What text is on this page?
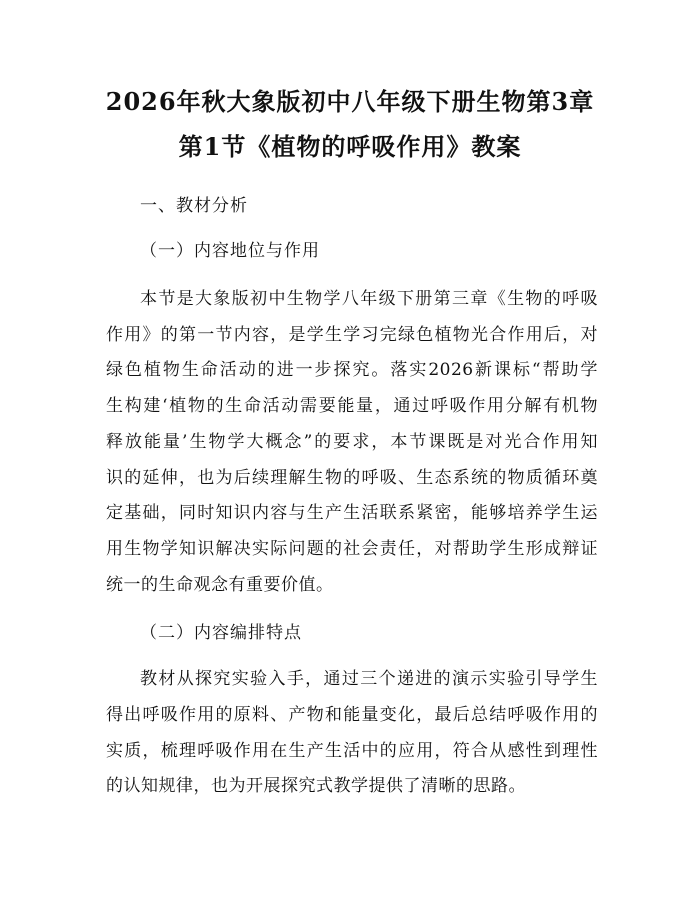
2026年秋大象版初中八年级下册生物第3章
第1节《植物的呼吸作用》教案
一、教材分析
（一）内容地位与作用
本节是大象版初中生物学八年级下册第三章《生物的呼吸
作用》的第一节内容，是学生学习完绿色植物光合作用后，对
绿色植物生命活动的进一步探究。落实2026新课标“帮助学
生构建‘植物的生命活动需要能量，通过呼吸作用分解有机物
释放能量’生物学大概念”的要求，本节课既是对光合作用知
识的延伸，也为后续理解生物的呼吸、生态系统的物质循环奠
定基础，同时知识内容与生产生活联系紧密，能够培养学生运
用生物学知识解决实际问题的社会责任，对帮助学生形成辩证
统一的生命观念有重要价值。
（二）内容编排特点
教材从探究实验入手，通过三个递进的演示实验引导学生
得出呼吸作用的原料、产物和能量变化，最后总结呼吸作用的
实质，梳理呼吸作用在生产生活中的应用，符合从感性到理性
的认知规律，也为开展探究式教学提供了清晰的思路。
